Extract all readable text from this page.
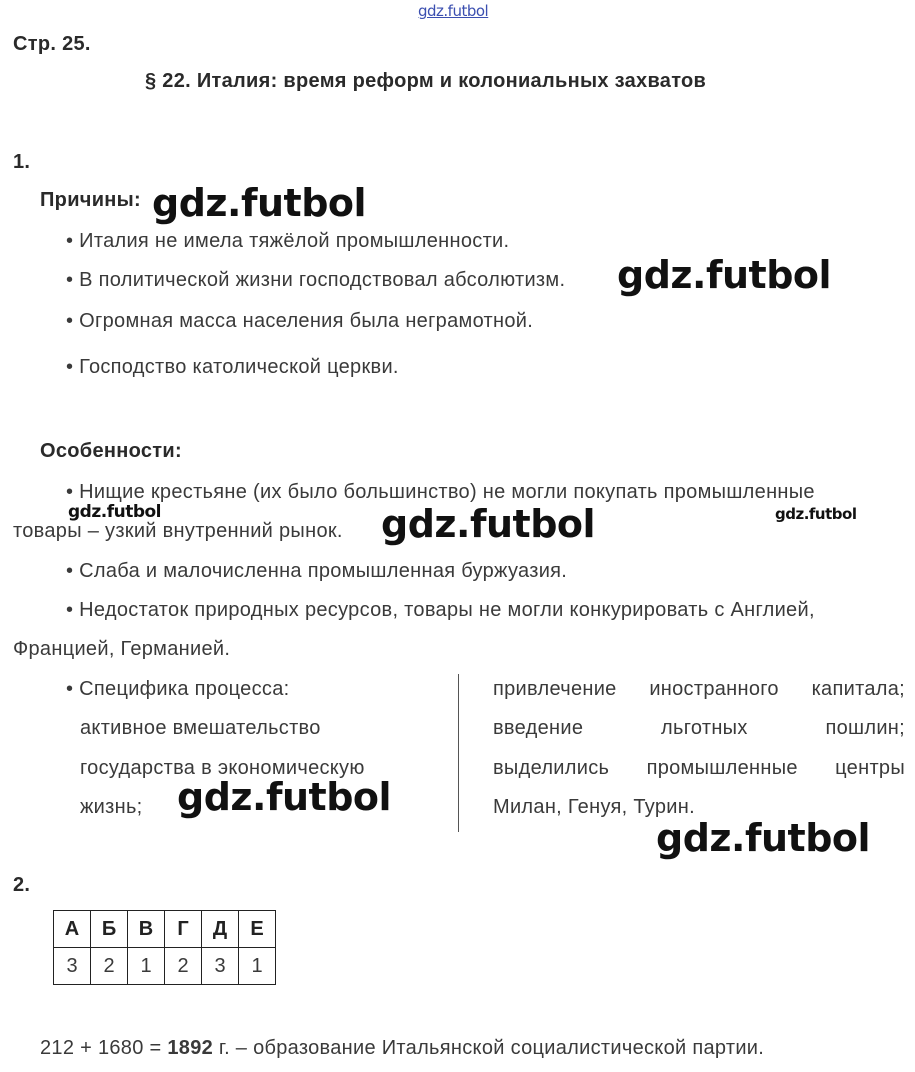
gdz.futbol
Стр. 25.
§ 22. Италия: время реформ и колониальных захватов
1.
Причины:
• Италия не имела тяжёлой промышленности.
• В политической жизни господствовал абсолютизм.
• Огромная масса населения была неграмотной.
• Господство католической церкви.
Особенности:
• Нищие крестьяне (их было большинство) не могли покупать промышленные
товары – узкий внутренний рынок.
• Слаба и малочисленна промышленная буржуазия.
• Недостаток природных ресурсов, товары не могли конкурировать с Англией,
Францией, Германией.
• Специфика процесса:
активное вмешательство
государства в экономическую
жизнь;
привлечение иностранного капитала;
введение льготных пошлин;
выделились промышленные центры
Милан, Генуя, Турин.
2.
А	Б	В	Г	Д	Е
3	2	1	2	3	1
212 + 1680 = 1892 г. – образование Итальянской социалистической партии.
gdz.futbol
gdz.futbol
gdz.futbol	gdz.futbol	gdz.futbol
gdz.futbol
gdz.futbol
